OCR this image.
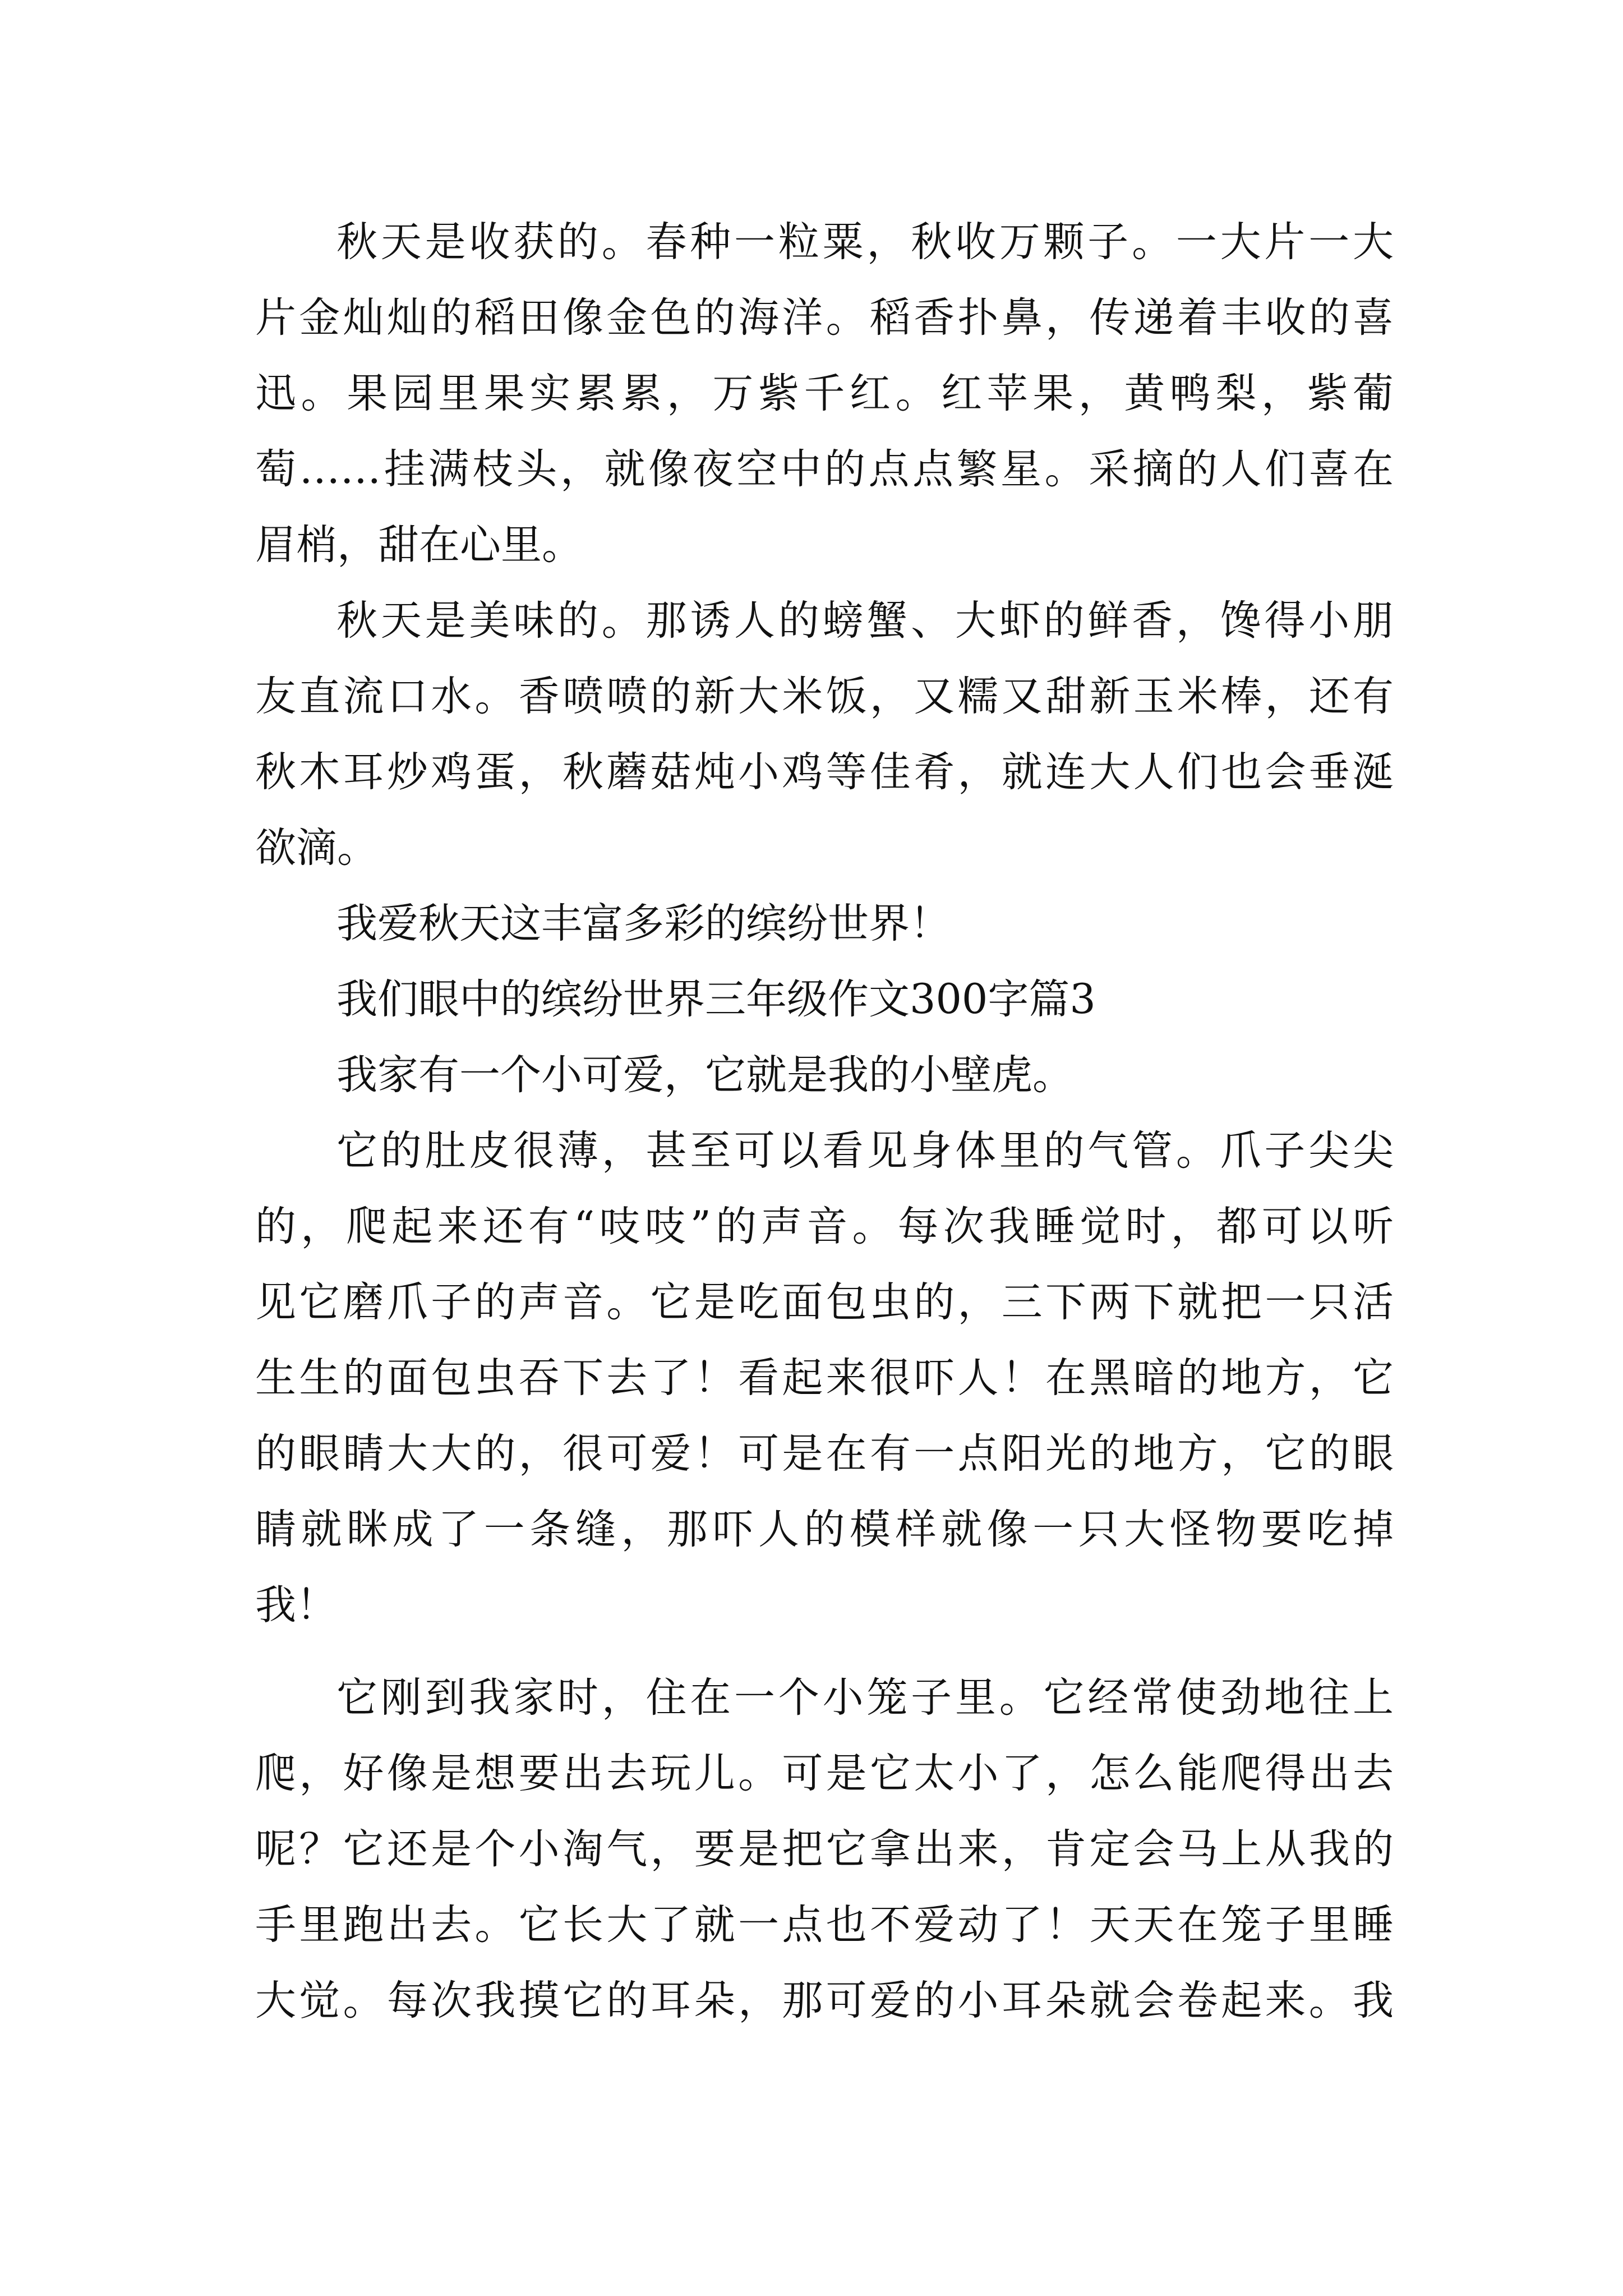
秋天是收获的。春种一粒粟，秋收万颗子。一大片一大

片金灿灿的稻田像金色的海洋。稻香扑鼻，传递着丰收的喜

迅。果园里果实累累，万紫千红。红苹果，黄鸭梨，紫葡

萄……挂满枝头，就像夜空中的点点繁星。采摘的人们喜在

眉梢，甜在心里。

秋天是美味的。那诱人的螃蟹、大虾的鲜香，馋得小朋

友直流口水。香喷喷的新大米饭，又糯又甜新玉米棒，还有

秋木耳炒鸡蛋，秋蘑菇炖小鸡等佳肴，就连大人们也会垂涎

欲滴。

我爱秋天这丰富多彩的缤纷世界！

我们眼中的缤纷世界三年级作文300字篇3

我家有一个小可爱，它就是我的小壁虎。

它的肚皮很薄，甚至可以看见身体里的气管。爪子尖尖

的，爬起来还有“吱吱”的声音。每次我睡觉时，都可以听

见它磨爪子的声音。它是吃面包虫的，三下两下就把一只活

生生的面包虫吞下去了！看起来很吓人！在黑暗的地方，它

的眼睛大大的，很可爱！可是在有一点阳光的地方，它的眼

睛就眯成了一条缝，那吓人的模样就像一只大怪物要吃掉

我！

它刚到我家时，住在一个小笼子里。它经常使劲地往上

爬，好像是想要出去玩儿。可是它太小了，怎么能爬得出去

呢？它还是个小淘气，要是把它拿出来，肯定会马上从我的

手里跑出去。它长大了就一点也不爱动了！天天在笼子里睡

大觉。每次我摸它的耳朵，那可爱的小耳朵就会卷起来。我
